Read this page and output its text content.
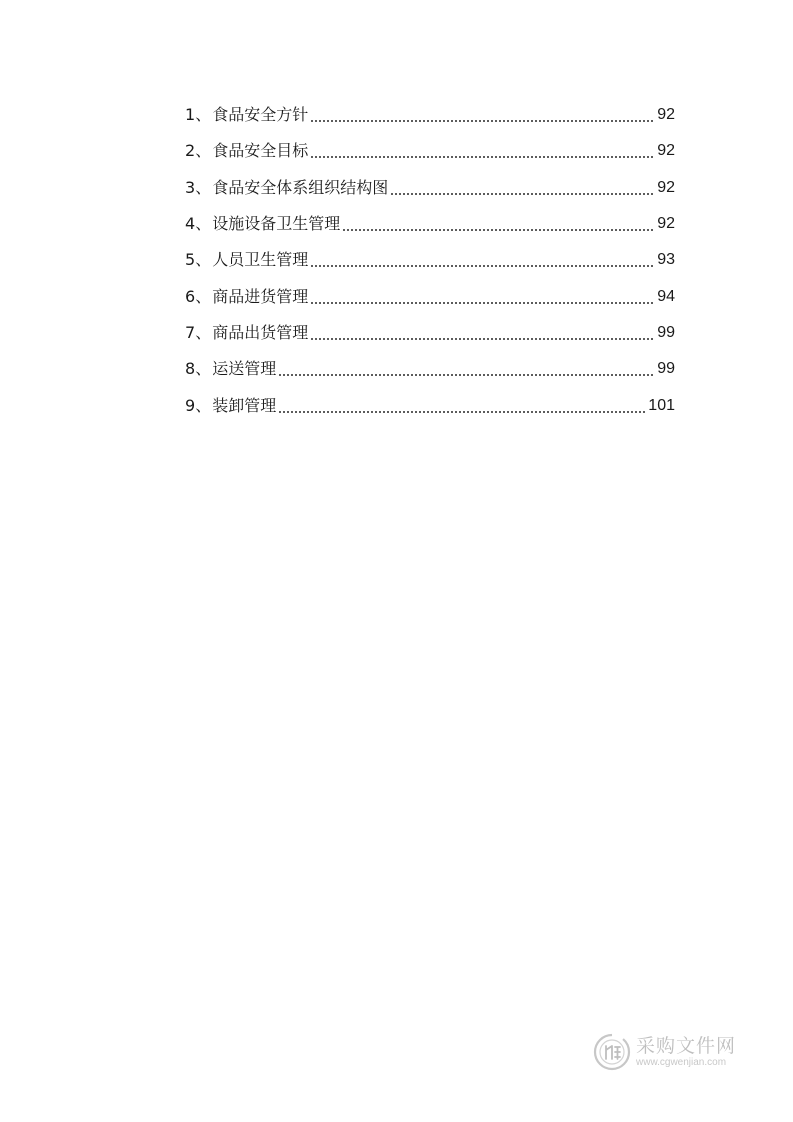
1 、 食品安全方针	92
2 、 食品安全目标	92
3 、 食品安全体系组织结构图	92
4 、 设施设备卫生管理	92
5 、 人员卫生管理	93
6 、 商品进货管理	94
7 、 商品出货管理	99
8 、 运送管理	99
9 、 装卸管理	101
采购文件网
www.cgwenjian.com
